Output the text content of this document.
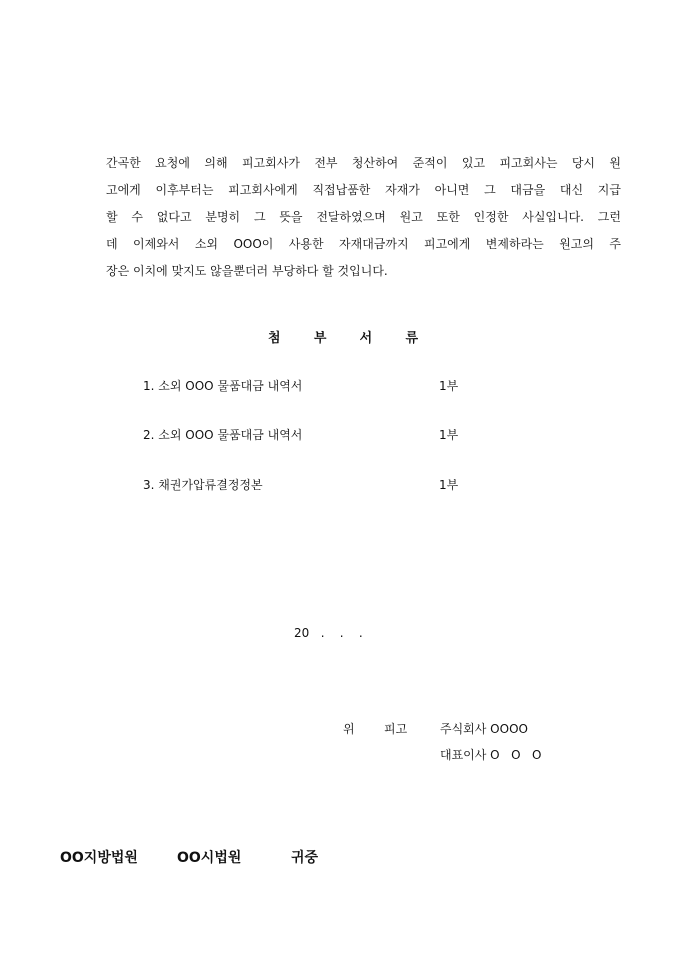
간곡한 요청에 의해 피고회사가 전부 청산하여 준적이 있고 피고회사는 당시 원
고에게 이후부터는 피고회사에게 직접납품한 자재가 아니면 그 대금을 대신 지급
할 수 없다고 분명히 그 뜻을 전달하였으며 원고 또한 인정한 사실입니다. 그런
데 이제와서 소외 OOO이 사용한 자재대금까지 피고에게 변제하라는 원고의 주
장은 이치에 맞지도 않을뿐더러 부당하다 할 것입니다.
첨	부	서	류
1. 소외 OOO 물품대금 내역서	1부
2. 소외 OOO 물품대금 내역서	1부
3. 채권가압류결정정본	1부
20   .    .    .
위 피고	주식회사 OOOO
대표이사 O   O   O
OO지방법원	OO시법원	귀중
